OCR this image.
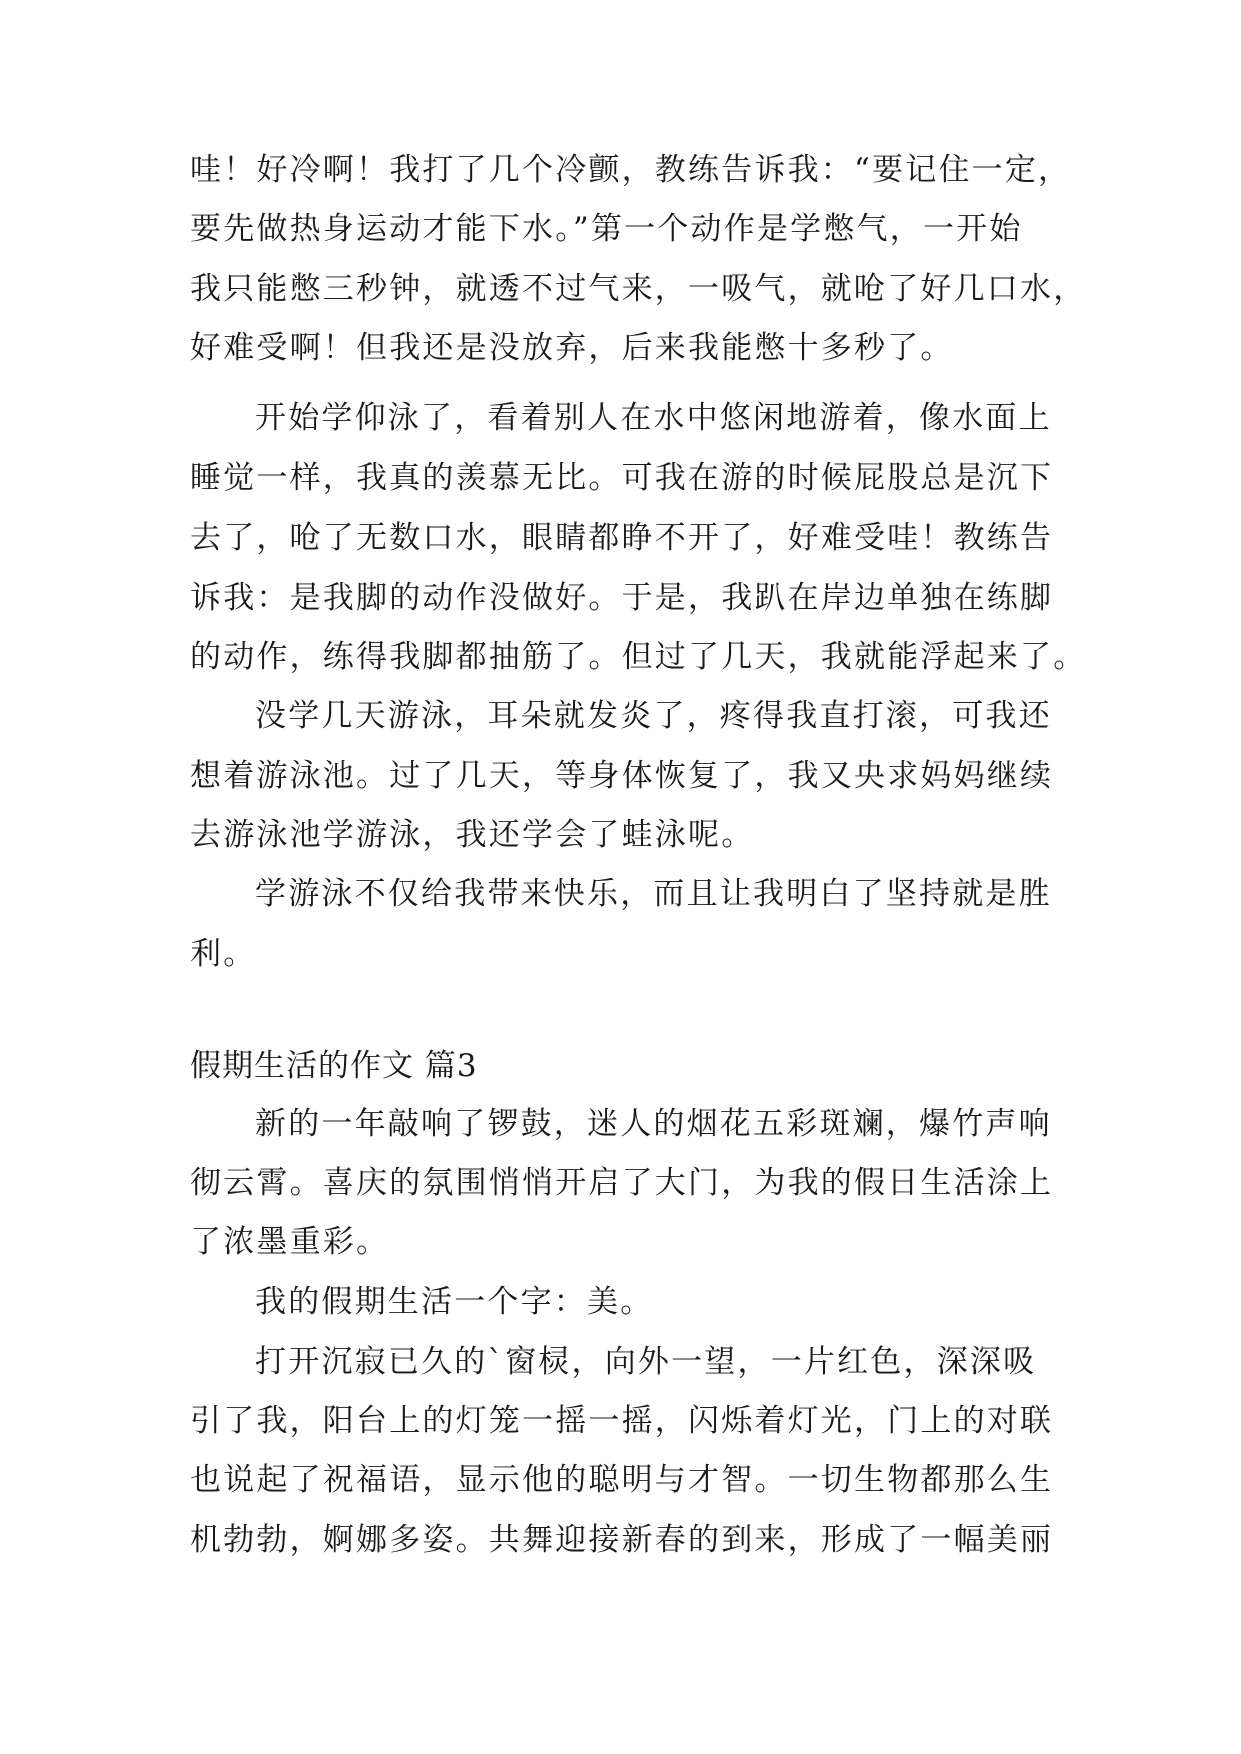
哇！好冷啊！我打了几个冷颤，教练告诉我：“要记住一定，
要先做热身运动才能下水。”第一个动作是学憋气，一开始
我只能憋三秒钟，就透不过气来，一吸气，就呛了好几口水，
好难受啊！但我还是没放弃，后来我能憋十多秒了。
开始学仰泳了，看着别人在水中悠闲地游着，像水面上
睡觉一样，我真的羡慕无比。可我在游的时候屁股总是沉下
去了，呛了无数口水，眼睛都睁不开了，好难受哇！教练告
诉我：是我脚的动作没做好。于是，我趴在岸边单独在练脚
的动作，练得我脚都抽筋了。但过了几天，我就能浮起来了。
没学几天游泳，耳朵就发炎了，疼得我直打滚，可我还
想着游泳池。过了几天，等身体恢复了，我又央求妈妈继续
去游泳池学游泳，我还学会了蛙泳呢。
学游泳不仅给我带来快乐，而且让我明白了坚持就是胜
利。
假期生活的作文 篇3
新的一年敲响了锣鼓，迷人的烟花五彩斑斓，爆竹声响
彻云霄。喜庆的氛围悄悄开启了大门，为我的假日生活涂上
了浓墨重彩。
我的假期生活一个字：美。
打开沉寂已久的`窗棂，向外一望，一片红色，深深吸
引了我，阳台上的灯笼一摇一摇，闪烁着灯光，门上的对联
也说起了祝福语，显示他的聪明与才智。一切生物都那么生
机勃勃，婀娜多姿。共舞迎接新春的到来，形成了一幅美丽
